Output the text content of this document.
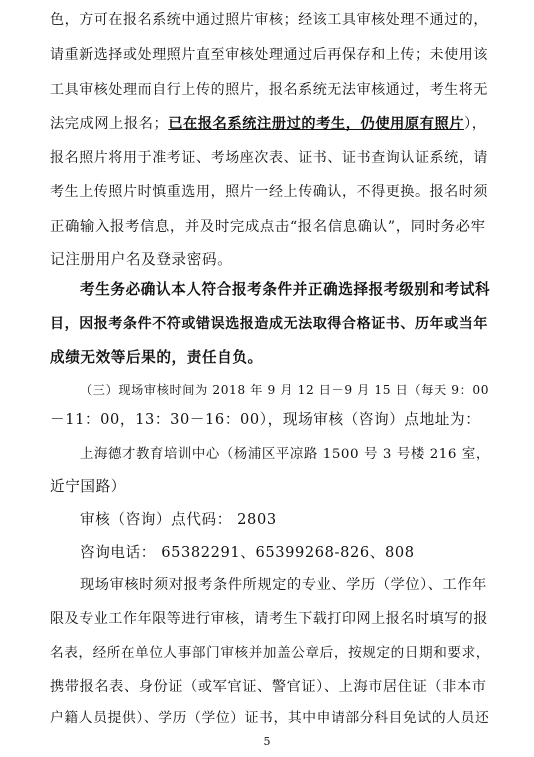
色，方可在报名系统中通过照片审核；经该工具审核处理不通过的，
请重新选择或处理照片直至审核处理通过后再保存和上传；未使用该
工具审核处理而自行上传的照片，报名系统无法审核通过，考生将无
法完成网上报名；已在报名系统注册过的考生，仍使用原有照片），
报名照片将用于准考证、考场座次表、证书、证书查询认证系统，请
考生上传照片时慎重选用，照片一经上传确认，不得更换。报名时须
正确输入报考信息，并及时完成点击“报名信息确认”，同时务必牢
记注册用户名及登录密码。
考生务必确认本人符合报考条件并正确选择报考级别和考试科
目，因报考条件不符或错误选报造成无法取得合格证书、历年或当年
成绩无效等后果的，责任自负。
（三）现场审核时间为 2018 年 9 月 12 日－9 月 15 日（每天 9：00
－11：00，13：30－16：00），现场审核（咨询）点地址为：
上海德才教育培训中心（杨浦区平凉路 1500 号 3 号楼 216 室，
近宁国路）
审核（咨询）点代码： 2803
咨询电话： 65382291、65399268-826、808
现场审核时须对报考条件所规定的专业、学历（学位）、工作年
限及专业工作年限等进行审核，请考生下载打印网上报名时填写的报
名表，经所在单位人事部门审核并加盖公章后，按规定的日期和要求，
携带报名表、身份证（或军官证、警官证）、上海市居住证（非本市
户籍人员提供）、学历（学位）证书，其中申请部分科目免试的人员还
5
